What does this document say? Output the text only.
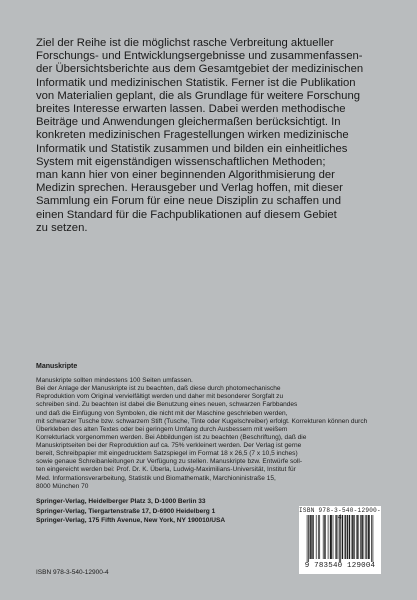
Ziel der Reihe ist die möglichst rasche Verbreitung aktueller
Forschungs- und Entwicklungsergebnisse und zusammenfassen-
der Übersichtsberichte aus dem Gesamtgebiet der medizinischen
Informatik und medizinischen Statistik. Ferner ist die Publikation
von Materialien geplant, die als Grundlage für weitere Forschung
breites Interesse erwarten lassen. Dabei werden methodische
Beiträge und Anwendungen gleichermaßen berücksichtigt. In
konkreten medizinischen Fragestellungen wirken medizinische
Informatik und Statistik zusammen und bilden ein einheitliches
System mit eigenständigen wissenschaftlichen Methoden;
man kann hier von einer beginnenden Algorithmisierung der
Medizin sprechen. Herausgeber und Verlag hoffen, mit dieser
Sammlung ein Forum für eine neue Disziplin zu schaffen und
einen Standard für die Fachpublikationen auf diesem Gebiet
zu setzen.

Manuskripte

Manuskripte sollten mindestens 100 Seiten umfassen.
Bei der Anlage der Manuskripte ist zu beachten, daß diese durch photomechanische
Reproduktion vom Original vervielfältigt werden und daher mit besonderer Sorgfalt zu
schreiben sind. Zu beachten ist dabei die Benutzung eines neuen, schwarzen Farbbandes
und daß die Einfügung von Symbolen, die nicht mit der Maschine geschrieben werden,
mit schwarzer Tusche bzw. schwarzem Stift (Tusche, Tinte oder Kugelschreiber) erfolgt. Korrekturen können durch
Überkleben des alten Textes oder bei geringem Umfang durch Ausbessern mit weißem
Korrekturlack vorgenommen werden. Bei Abbildungen ist zu beachten (Beschriftung), daß die
Manuskriptseiten bei der Reproduktion auf ca. 75% verkleinert werden. Der Verlag ist gerne
bereit, Schreibpapier mit eingedrucktem Satzspiegel im Format 18 x 26,5 (7 x 10,5 inches)
sowie genaue Schreibanleitungen zur Verfügung zu stellen. Manuskripte bzw. Entwürfe soll-
ten eingereicht werden bei: Prof. Dr. K. Überla, Ludwig-Maximilians-Universität, Institut für
Med. Informationsverarbeitung, Statistik und Biomathematik, Marchioninistraße 15,
8000 München 70

Springer-Verlag, Heidelberger Platz 3, D-1000 Berlin 33
Springer-Verlag, Tiergartenstraße 17, D-6900 Heidelberg 1
Springer-Verlag, 175 Fifth Avenue, New York, NY 190010/USA

ISBN 978-3-540-12900-4

ISBN 978-3-540-12900-4
9 783540 129004
